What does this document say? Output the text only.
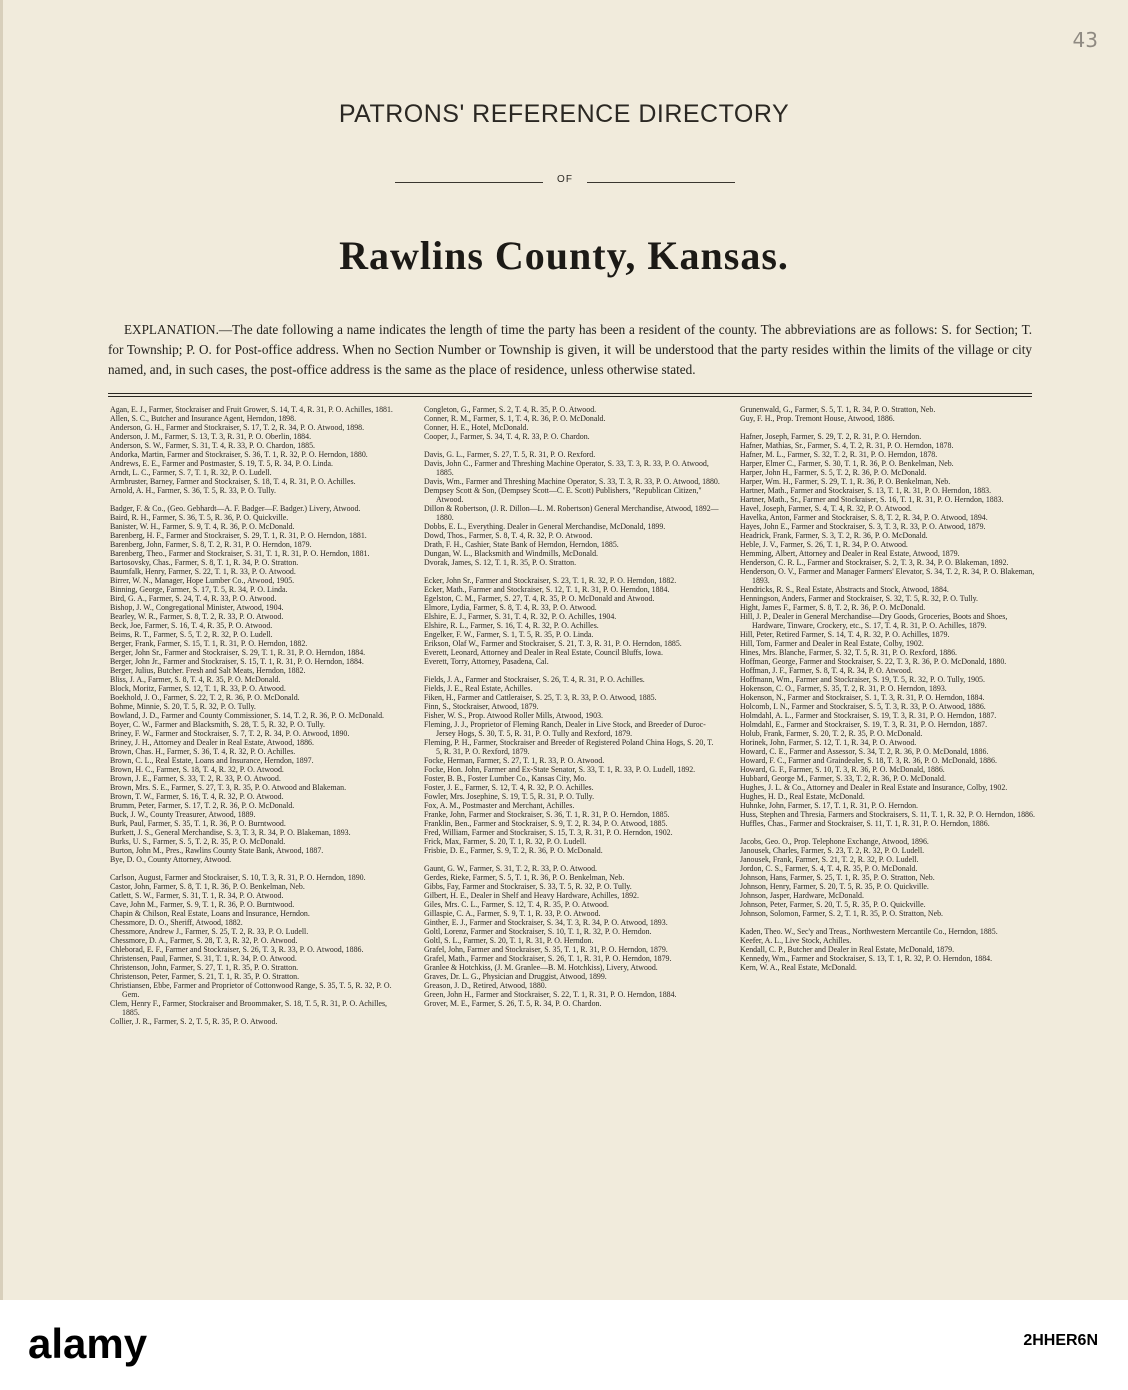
43
PATRONS' REFERENCE DIRECTORY
OF
Rawlins County, Kansas.

EXPLANATION.—The date following a name indicates the length of time the party has been a resident of the county. The abbreviations are as follows: S. for Section; T. for Township; P. O. for Post-office address. When no Section Number or Township is given, it will be understood that the party resides within the limits of the village or city named, and, in such cases, the post-office address is the same as the place of residence, unless otherwise stated.

Agan, E. J., Farmer, Stockraiser and Fruit Grower, S. 14, T. 4, R. 31, P. O. Achilles, 1881.

Allen, S. C., Butcher and Insurance Agent, Herndon, 1898.

Anderson, G. H., Farmer and Stockraiser, S. 17, T. 2, R. 34, P. O. Atwood, 1898.

Anderson, J. M., Farmer, S. 13, T. 3, R. 31, P. O. Oberlin, 1884.

Anderson, S. W., Farmer, S. 31, T. 4, R. 33, P. O. Chardon, 1885.

Andorka, Martin, Farmer and Stockraiser, S. 36, T. 1, R. 32, P. O. Herndon, 1880.

Andrews, E. E., Farmer and Postmaster, S. 19, T. 5, R. 34, P. O. Linda.

Arndt, L. C., Farmer, S. 7, T. 1, R. 32, P. O. Ludell.

Armbruster, Barney, Farmer and Stockraiser, S. 18, T. 4, R. 31, P. O. Achilles.

Arnold, A. H., Farmer, S. 36, T. 5, R. 33, P. O. Tully.

Badger, F. & Co., (Geo. Gebhardt—A. F. Badger—F. Badger.) Livery, Atwood.

Baird, R. H., Farmer, S. 36, T. 5, R. 36, P. O. Quickville.

Banister, W. H., Farmer, S. 9, T. 4, R. 36, P. O. McDonald.

Barenberg, H. F., Farmer and Stockraiser, S. 29, T. 1, R. 31, P. O. Herndon, 1881.

Barenberg, John, Farmer, S. 8, T. 2, R. 31, P. O. Herndon, 1879.

Barenberg, Theo., Farmer and Stockraiser, S. 31, T. 1, R. 31, P. O. Herndon, 1881.

Bartosovsky, Chas., Farmer, S. 8, T. 1, R. 34, P. O. Stratton.

Baumfalk, Henry, Farmer, S. 22, T. 1, R. 33, P. O. Atwood.

Birrer, W. N., Manager, Hope Lumber Co., Atwood, 1905.

Binning, George, Farmer, S. 17, T. 5, R. 34, P. O. Linda.

Bird, G. A., Farmer, S. 24, T. 4, R. 33, P. O. Atwood.

Bishop, J. W., Congregational Minister, Atwood, 1904.

Bearley, W. R., Farmer, S. 8, T. 2, R. 33, P. O. Atwood.

Beck, Joe, Farmer, S. 16, T. 4, R. 35, P. O. Atwood.

Beims, R. T., Farmer, S. 5, T. 2, R. 32, P. O. Ludell.

Berger, Frank, Farmer, S. 15, T. 1, R. 31, P. O. Herndon, 1882.

Berger, John Sr., Farmer and Stockraiser, S. 29, T. 1, R. 31, P. O. Herndon, 1884.

Berger, John Jr., Farmer and Stockraiser, S. 15, T. 1, R. 31, P. O. Herndon, 1884.

Berger, Julius, Butcher. Fresh and Salt Meats, Herndon, 1882.

Bliss, J. A., Farmer, S. 8, T. 4, R. 35, P. O. McDonald.

Block, Moritz, Farmer, S. 12, T. 1, R. 33, P. O. Atwood.

Boekhold, J. O., Farmer, S. 22, T. 2, R. 36, P. O. McDonald.

Bohme, Minnie, S. 20, T. 5, R. 32, P. O. Tully.

Bowland, J. D., Farmer and County Commissioner, S. 14, T. 2, R. 36, P. O. McDonald.

Boyer, C. W., Farmer and Blacksmith, S. 28, T. 5, R. 32, P. O. Tully.

Briney, F. W., Farmer and Stockraiser, S. 7, T. 2, R. 34, P. O. Atwood, 1890.

Briney, J. H., Attorney and Dealer in Real Estate, Atwood, 1886.

Brown, Chas. H., Farmer, S. 36, T. 4, R. 32, P. O. Achilles.

Brown, C. L., Real Estate, Loans and Insurance, Herndon, 1897.

Brown, H. C., Farmer, S. 18, T. 4, R. 32, P. O. Atwood.

Brown, J. E., Farmer, S. 33, T. 2, R. 33, P. O. Atwood.

Brown, Mrs. S. E., Farmer, S. 27, T. 3, R. 35, P. O. Atwood and Blakeman.

Brown, T. W., Farmer, S. 16, T. 4, R. 32, P. O. Atwood.

Brumm, Peter, Farmer, S. 17, T. 2, R. 36, P. O. McDonald.

Buck, J. W., County Treasurer, Atwood, 1889.

Burk, Paul, Farmer, S. 35, T. 1, R. 36, P. O. Burntwood.

Burkett, J. S., General Merchandise, S. 3, T. 3, R. 34, P. O. Blakeman, 1893.

Burks, U. S., Farmer, S. 5, T. 2, R. 35, P. O. McDonald.

Burton, John M., Pres., Rawlins County State Bank, Atwood, 1887.

Bye, D. O., County Attorney, Atwood.

Carlson, August, Farmer and Stockraiser, S. 10, T. 3, R. 31, P. O. Herndon, 1890.

Castor, John, Farmer, S. 8, T. 1, R. 36, P. O. Benkelman, Neb.

Catlett, S. W., Farmer, S. 31, T. 1, R. 34, P. O. Atwood.

Cave, John M., Farmer, S. 9, T. 1, R. 36, P. O. Burntwood.

Chapin & Chilson, Real Estate, Loans and Insurance, Herndon.

Chessmore, D. O., Sheriff, Atwood, 1882.

Chessmore, Andrew J., Farmer, S. 25, T. 2, R. 33, P. O. Ludell.

Chessmore, D. A., Farmer, S. 28, T. 3, R. 32, P. O. Atwood.

Chleborad, E. F., Farmer and Stockraiser, S. 26, T. 3, R. 33, P. O. Atwood, 1886.

Christensen, Paul, Farmer, S. 31, T. 1, R. 34, P. O. Atwood.

Christenson, John, Farmer, S. 27, T. 1, R. 35, P. O. Stratton.

Christenson, Peter, Farmer, S. 21, T. 1, R. 35, P. O. Stratton.

Christiansen, Ebbe, Farmer and Proprietor of Cottonwood Range, S. 35, T. 5, R. 32, P. O. Gem.

Clem, Henry F., Farmer, Stockraiser and Broommaker, S. 18, T. 5, R. 31, P. O. Achilles, 1885.

Collier, J. R., Farmer, S. 2, T. 5, R. 35, P. O. Atwood.

Congleton, G., Farmer, S. 2, T. 4, R. 35, P. O. Atwood.

Conner, R. M., Farmer, S. 1, T. 4, R. 36, P. O. McDonald.

Conner, H. E., Hotel, McDonald.

Cooper, J., Farmer, S. 34, T. 4, R. 33, P. O. Chardon.

Davis, G. L., Farmer, S. 27, T. 5, R. 31, P. O. Rexford.

Davis, John C., Farmer and Threshing Machine Operator, S. 33, T. 3, R. 33, P. O. Atwood, 1885.

Davis, Wm., Farmer and Threshing Machine Operator, S. 33, T. 3, R. 33, P. O. Atwood, 1880.

Dempsey Scott & Son, (Dempsey Scott—C. E. Scott) Publishers, "Republican Citizen," Atwood.

Dillon & Robertson, (J. R. Dillon—L. M. Robertson) General Merchandise, Atwood, 1892—1880.

Dobbs, E. L., Everything. Dealer in General Merchandise, McDonald, 1899.

Dowd, Thos., Farmer, S. 8, T. 4, R. 32, P. O. Atwood.

Drath, F. H., Cashier, State Bank of Herndon, Herndon, 1885.

Dungan, W. L., Blacksmith and Windmills, McDonald.

Dvorak, James, S. 12, T. 1, R. 35, P. O. Stratton.

Ecker, John Sr., Farmer and Stockraiser, S. 23, T. 1, R. 32, P. O. Herndon, 1882.

Ecker, Math., Farmer and Stockraiser, S. 12, T. 1, R. 31, P. O. Herndon, 1884.

Egelston, C. M., Farmer, S. 27, T. 4, R. 35, P. O. McDonald and Atwood.

Elmore, Lydia, Farmer, S. 8, T. 4, R. 33, P. O. Atwood.

Elshire, E. J., Farmer, S. 31, T. 4, R. 32, P. O. Achilles, 1904.

Elshire, R. L., Farmer, S. 16, T. 4, R. 32, P. O. Achilles.

Engelker, F. W., Farmer, S. 1, T. 5, R. 35, P. O. Linda.

Erikson, Olaf W., Farmer and Stockraiser, S. 21, T. 3, R. 31, P. O. Herndon, 1885.

Everett, Leonard, Attorney and Dealer in Real Estate, Council Bluffs, Iowa.

Everett, Torry, Attorney, Pasadena, Cal.

Fields, J. A., Farmer and Stockraiser, S. 26, T. 4, R. 31, P. O. Achilles.

Fields, J. E., Real Estate, Achilles.

Fiken, H., Farmer and Cattleraiser, S. 25, T. 3, R. 33, P. O. Atwood, 1885.

Finn, S., Stockraiser, Atwood, 1879.

Fisher, W. S., Prop. Atwood Roller Mills, Atwood, 1903.

Fleming, J. J., Proprietor of Fleming Ranch, Dealer in Live Stock, and Breeder of Duroc-Jersey Hogs, S. 30, T. 5, R. 31, P. O. Tully and Rexford, 1879.

Fleming, P. H., Farmer, Stockraiser and Breeder of Registered Poland China Hogs, S. 20, T. 5, R. 31, P. O. Rexford, 1879.

Focke, Herman, Farmer, S. 27, T. 1, R. 33, P. O. Atwood.

Focke, Hon. John, Farmer and Ex-State Senator, S. 33, T. 1, R. 33, P. O. Ludell, 1892.

Foster, B. B., Foster Lumber Co., Kansas City, Mo.

Foster, J. E., Farmer, S. 12, T. 4, R. 32, P. O. Achilles.

Fowler, Mrs. Josephine, S. 19, T. 5, R. 31, P. O. Tully.

Fox, A. M., Postmaster and Merchant, Achilles.

Franke, John, Farmer and Stockraiser, S. 36, T. 1, R. 31, P. O. Herndon, 1885.

Franklin, Ben., Farmer and Stockraiser, S. 9, T. 2, R. 34, P. O. Atwood, 1885.

Fred, William, Farmer and Stockraiser, S. 15, T. 3, R. 31, P. O. Herndon, 1902.

Frick, Max, Farmer, S. 20, T. 1, R. 32, P. O. Ludell.

Frisbie, D. E., Farmer, S. 9, T. 2, R. 36, P. O. McDonald.

Gaunt, G. W., Farmer, S. 31, T. 2, R. 33, P. O. Atwood.

Gerdes, Rieke, Farmer, S. 5, T. 1, R. 36, P. O. Benkelman, Neb.

Gibbs, Fay, Farmer and Stockraiser, S. 33, T. 5, R. 32, P. O. Tully.

Gilbert, H. E., Dealer in Shelf and Heavy Hardware, Achilles, 1892.

Giles, Mrs. C. L., Farmer, S. 12, T. 4, R. 35, P. O. Atwood.

Gillaspie, C. A., Farmer, S. 9, T. 1, R. 33, P. O. Atwood.

Ginther, E. J., Farmer and Stockraiser, S. 34, T. 3, R. 34, P. O. Atwood, 1893.

Goltl, Lorenz, Farmer and Stockraiser, S. 10, T. 1, R. 32, P. O. Herndon.

Goltl, S. L., Farmer, S. 20, T. 1, R. 31, P. O. Herndon.

Grafel, John, Farmer and Stockraiser, S. 35, T. 1, R. 31, P. O. Herndon, 1879.

Grafel, Math., Farmer and Stockraiser, S. 26, T. 1, R. 31, P. O. Herndon, 1879.

Granlee & Hotchkiss, (J. M. Granlee—B. M. Hotchkiss), Livery, Atwood.

Graves, Dr. L. G., Physician and Druggist, Atwood, 1899.

Greason, J. D., Retired, Atwood, 1880.

Green, John H., Farmer and Stockraiser, S. 22, T. 1, R. 31, P. O. Herndon, 1884.

Grover, M. E., Farmer, S. 26, T. 5, R. 34, P. O. Chardon.

Grunenwald, G., Farmer, S. 5, T. 1, R. 34, P. O. Stratton, Neb.

Guy, F. H., Prop. Tremont House, Atwood, 1886.

Hafner, Joseph, Farmer, S. 29, T. 2, R. 31, P. O. Herndon.

Hafner, Mathias, Sr., Farmer, S. 4, T. 2, R. 31, P. O. Herndon, 1878.

Hafner, M. L., Farmer, S. 32, T. 2, R. 31, P. O. Herndon, 1878.

Harper, Elmer C., Farmer, S. 30, T. 1, R. 36, P. O. Benkelman, Neb.

Harper, John H., Farmer, S. 5, T. 2, R. 36, P. O. McDonald.

Harper, Wm. H., Farmer, S. 29, T. 1, R. 36, P. O. Benkelman, Neb.

Hartner, Math., Farmer and Stockraiser, S. 13, T. 1, R. 31, P. O. Herndon, 1883.

Hartner, Math., Sr., Farmer and Stockraiser, S. 16, T. 1, R. 31, P. O. Herndon, 1883.

Havel, Joseph, Farmer, S. 4, T. 4, R. 32, P. O. Atwood.

Havelka, Anton, Farmer and Stockraiser, S. 8, T. 2, R. 34, P. O. Atwood, 1894.

Hayes, John E., Farmer and Stockraiser, S. 3, T. 3, R. 33, P. O. Atwood, 1879.

Headrick, Frank, Farmer, S. 3, T. 2, R. 36, P. O. McDonald.

Heble, J. V., Farmer, S. 26, T. 1, R. 34, P. O. Atwood.

Hemming, Albert, Attorney and Dealer in Real Estate, Atwood, 1879.

Henderson, C. R. L., Farmer and Stockraiser, S. 2, T. 3, R. 34, P. O. Blakeman, 1892.

Henderson, O. V., Farmer and Manager Farmers' Elevator, S. 34, T. 2, R. 34, P. O. Blakeman, 1893.

Hendricks, R. S., Real Estate, Abstracts and Stock, Atwood, 1884.

Henningson, Anders, Farmer and Stockraiser, S. 32, T. 5, R. 32, P. O. Tully.

Hight, James F., Farmer, S. 8, T. 2, R. 36, P. O. McDonald.

Hill, J. P., Dealer in General Merchandise—Dry Goods, Groceries, Boots and Shoes, Hardware, Tinware, Crockery, etc., S. 17, T. 4, R. 31, P. O. Achilles, 1879.

Hill, Peter, Retired Farmer, S. 14, T. 4, R. 32, P. O. Achilles, 1879.

Hill, Tom, Farmer and Dealer in Real Estate, Colby, 1902.

Hines, Mrs. Blanche, Farmer, S. 32, T. 5, R. 31, P. O. Rexford, 1886.

Hoffman, George, Farmer and Stockraiser, S. 22, T. 3, R. 36, P. O. McDonald, 1880.

Hoffman, J. F., Farmer, S. 8, T. 4, R. 34, P. O. Atwood.

Hoffmann, Wm., Farmer and Stockraiser, S. 19, T. 5, R. 32, P. O. Tully, 1905.

Hokenson, C. O., Farmer, S. 35, T. 2, R. 31, P. O. Herndon, 1893.

Hokenson, N., Farmer and Stockraiser, S. 1, T. 3, R. 31, P. O. Herndon, 1884.

Holcomb, I. N., Farmer and Stockraiser, S. 5, T. 3, R. 33, P. O. Atwood, 1886.

Holmdahl, A. L., Farmer and Stockraiser, S. 19, T. 3, R. 31, P. O. Herndon, 1887.

Holmdahl, E., Farmer and Stockraiser, S. 19, T. 3, R. 31, P. O. Herndon, 1887.

Holub, Frank, Farmer, S. 20, T. 2, R. 35, P. O. McDonald.

Horinek, John, Farmer, S. 12, T. 1, R. 34, P. O. Atwood.

Howard, C. E., Farmer and Assessor, S. 34, T. 2, R. 36, P. O. McDonald, 1886.

Howard, F. C., Farmer and Graindealer, S. 18, T. 3, R. 36, P. O. McDonald, 1886.

Howard, G. F., Farmer, S. 10, T. 3, R. 36, P. O. McDonald, 1886.

Hubbard, George M., Farmer, S. 33, T. 2, R. 36, P. O. McDonald.

Hughes, J. L. & Co., Attorney and Dealer in Real Estate and Insurance, Colby, 1902.

Hughes, H. D., Real Estate, McDonald.

Huhnke, John, Farmer, S. 17, T. 1, R. 31, P. O. Herndon.

Huss, Stephen and Thresia, Farmers and Stockraisers, S. 11, T. 1, R. 32, P. O. Herndon, 1886.

Huffles, Chas., Farmer and Stockraiser, S. 11, T. 1, R. 31, P. O. Herndon, 1886.

Jacobs, Geo. O., Prop. Telephone Exchange, Atwood, 1896.

Janousek, Charles, Farmer, S. 23, T. 2, R. 32, P. O. Ludell.

Janousek, Frank, Farmer, S. 21, T. 2, R. 32, P. O. Ludell.

Jordon, C. S., Farmer, S. 4, T. 4, R. 35, P. O. McDonald.

Johnson, Hans, Farmer, S. 25, T. 1, R. 35, P. O. Stratton, Neb.

Johnson, Henry, Farmer, S. 20, T. 5, R. 35, P. O. Quickville.

Johnson, Jasper, Hardware, McDonald.

Johnson, Peter, Farmer, S. 20, T. 5, R. 35, P. O. Quickville.

Johnson, Solomon, Farmer, S. 2, T. 1, R. 35, P. O. Stratton, Neb.

Kaden, Theo. W., Sec'y and Treas., Northwestern Mercantile Co., Herndon, 1885.

Keefer, A. L., Live Stock, Achilles.

Kendall, C. P., Butcher and Dealer in Real Estate, McDonald, 1879.

Kennedy, Wm., Farmer and Stockraiser, S. 13, T. 1, R. 32, P. O. Herndon, 1884.

Kern, W. A., Real Estate, McDonald.

alamy	2HHER6N
